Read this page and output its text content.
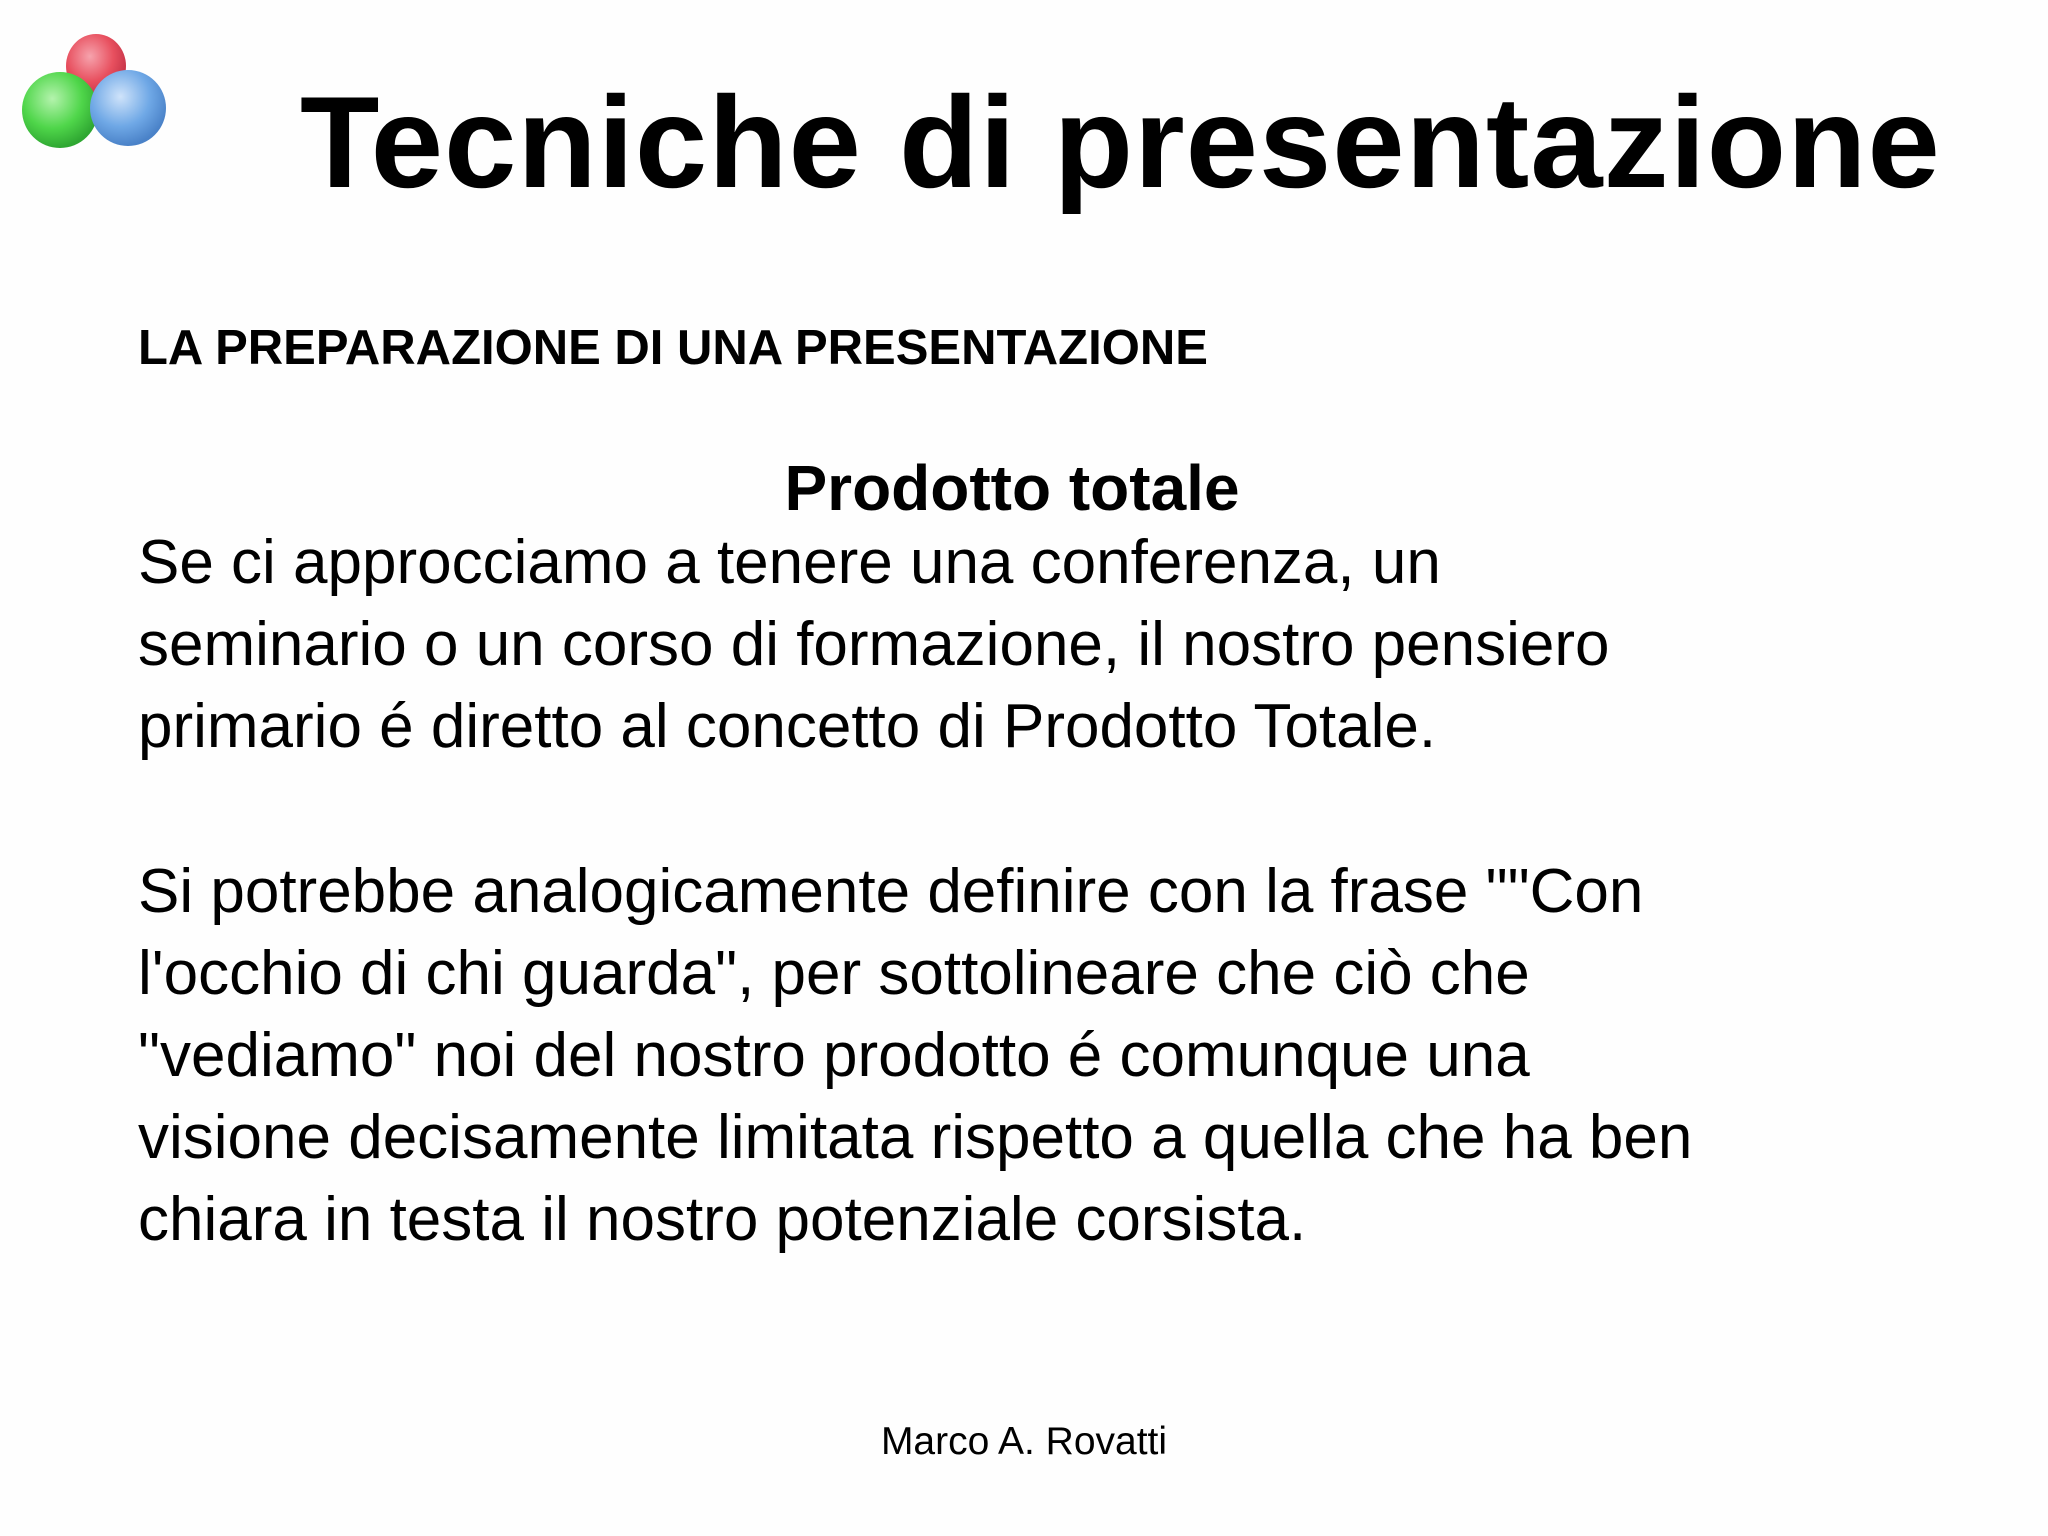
Tecniche di presentazione
LA PREPARAZIONE DI UNA PRESENTAZIONE
Prodotto totale

Se ci approcciamo a tenere una conferenza, un
seminario o un corso di formazione, il nostro pensiero
primario é diretto al concetto di Prodotto Totale.

Si potrebbe analogicamente definire con la frase ""Con
l'occhio di chi guarda", per sottolineare che ciò che
"vediamo" noi del nostro prodotto é comunque una
visione decisamente limitata rispetto a quella che ha ben
chiara in testa il nostro potenziale corsista.

Marco A. Rovatti
